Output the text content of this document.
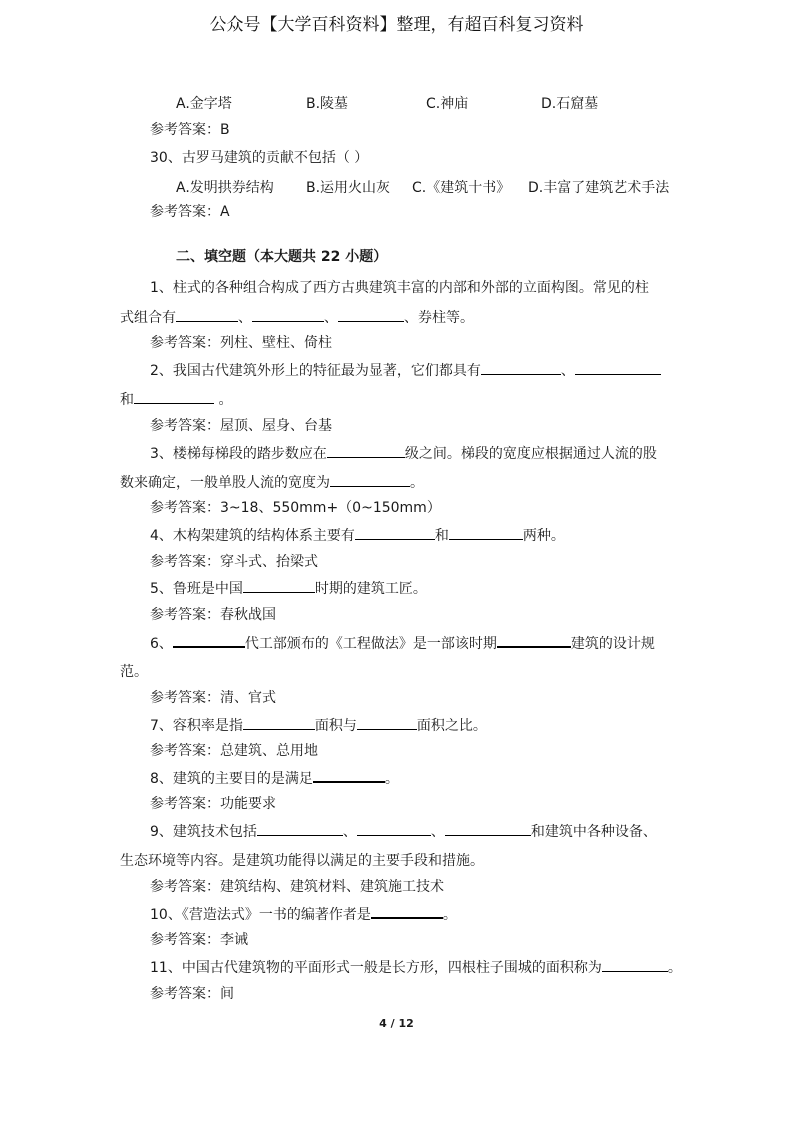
公众号【大学百科资料】整理，有超百科复习资料
A.金字塔	B.陵墓	C.神庙	D.石窟墓
参考答案：B
30、古罗马建筑的贡献不包括（ ）
A.发明拱券结构 B.运用火山灰 C.《建筑十书》 D.丰富了建筑艺术手法
参考答案：A
二、填空题（本大题共 22 小题）
1、柱式的各种组合构成了西方古典建筑丰富的内部和外部的立面构图。常见的柱
式组合有	、	、	、券柱等。
参考答案：列柱、壁柱、倚柱
2、我国古代建筑外形上的特征最为显著，它们都具有	、
和	。
参考答案：屋顶、屋身、台基
3、楼梯每梯段的踏步数应在	级之间。梯段的宽度应根据通过人流的股
数来确定，一般单股人流的宽度为	。
参考答案：3~18、550mm+（0~150mm）
4、木构架建筑的结构体系主要有	和	两种。
参考答案：穿斗式、抬梁式
5、鲁班是中国	时期的建筑工匠。
参考答案：春秋战国
6、	代工部颁布的《工程做法》是一部该时期	建筑的设计规
范。
参考答案：清、官式
7、容积率是指	面积与	面积之比。
参考答案：总建筑、总用地
8、建筑的主要目的是满足	。
参考答案：功能要求
9、建筑技术包括	、	、	和建筑中各种设备、
生态环境等内容。是建筑功能得以满足的主要手段和措施。
参考答案：建筑结构、建筑材料、建筑施工技术
10、《营造法式》一书的编著作者是	。
参考答案：李诫
11、中国古代建筑物的平面形式一般是长方形，四根柱子围城的面积称为	。
参考答案：间
4 / 12
